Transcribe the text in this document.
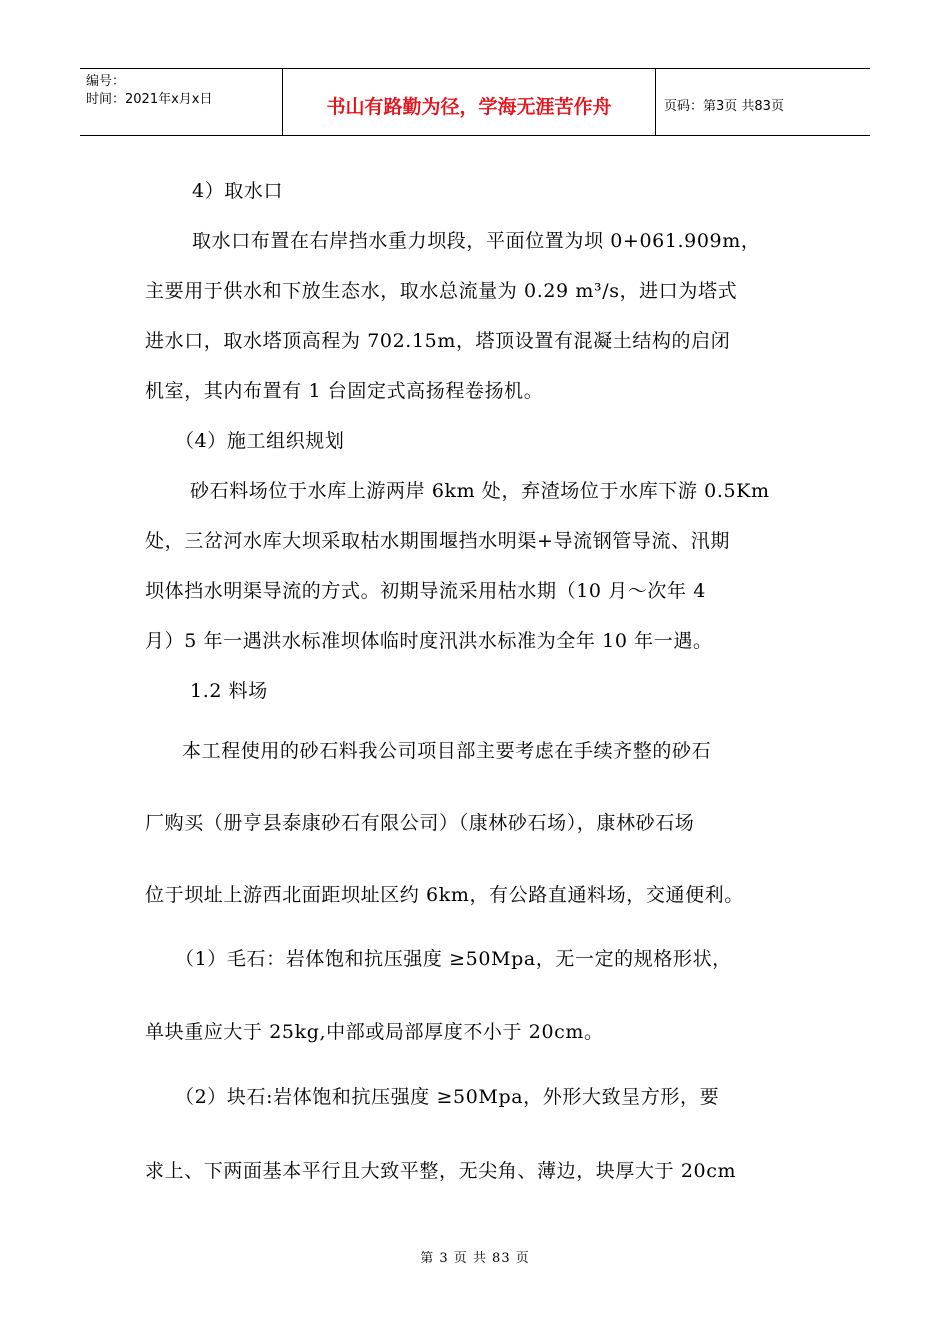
编号：
时间：2021年x月x日	书山有路勤为径，学海无涯苦作舟	页码：第3页 共83页
4）取水口
取水口布置在右岸挡水重力坝段，平面位置为坝 0+061.909m，
主要用于供水和下放生态水，取水总流量为 0.29 m³/s，进口为塔式
进水口，取水塔顶高程为 702.15m，塔顶设置有混凝土结构的启闭
机室，其内布置有 1 台固定式高扬程卷扬机。
（4）施工组织规划
砂石料场位于水库上游两岸 6km 处，弃渣场位于水库下游 0.5Km
处，三岔河水库大坝采取枯水期围堰挡水明渠+导流钢管导流、汛期
坝体挡水明渠导流的方式。初期导流采用枯水期（10 月～次年 4
月）5 年一遇洪水标准坝体临时度汛洪水标准为全年 10 年一遇。
1.2 料场
本工程使用的砂石料我公司项目部主要考虑在手续齐整的砂石
厂购买（册亨县泰康砂石有限公司）（康林砂石场），康林砂石场
位于坝址上游西北面距坝址区约 6km，有公路直通料场，交通便利。
（1）毛石：岩体饱和抗压强度 ≥50Mpa，无一定的规格形状，
单块重应大于 25kg,中部或局部厚度不小于 20cm。
（2）块石:岩体饱和抗压强度 ≥50Mpa，外形大致呈方形，要
求上、下两面基本平行且大致平整，无尖角、薄边，块厚大于 20cm
第 3 页 共 83 页
